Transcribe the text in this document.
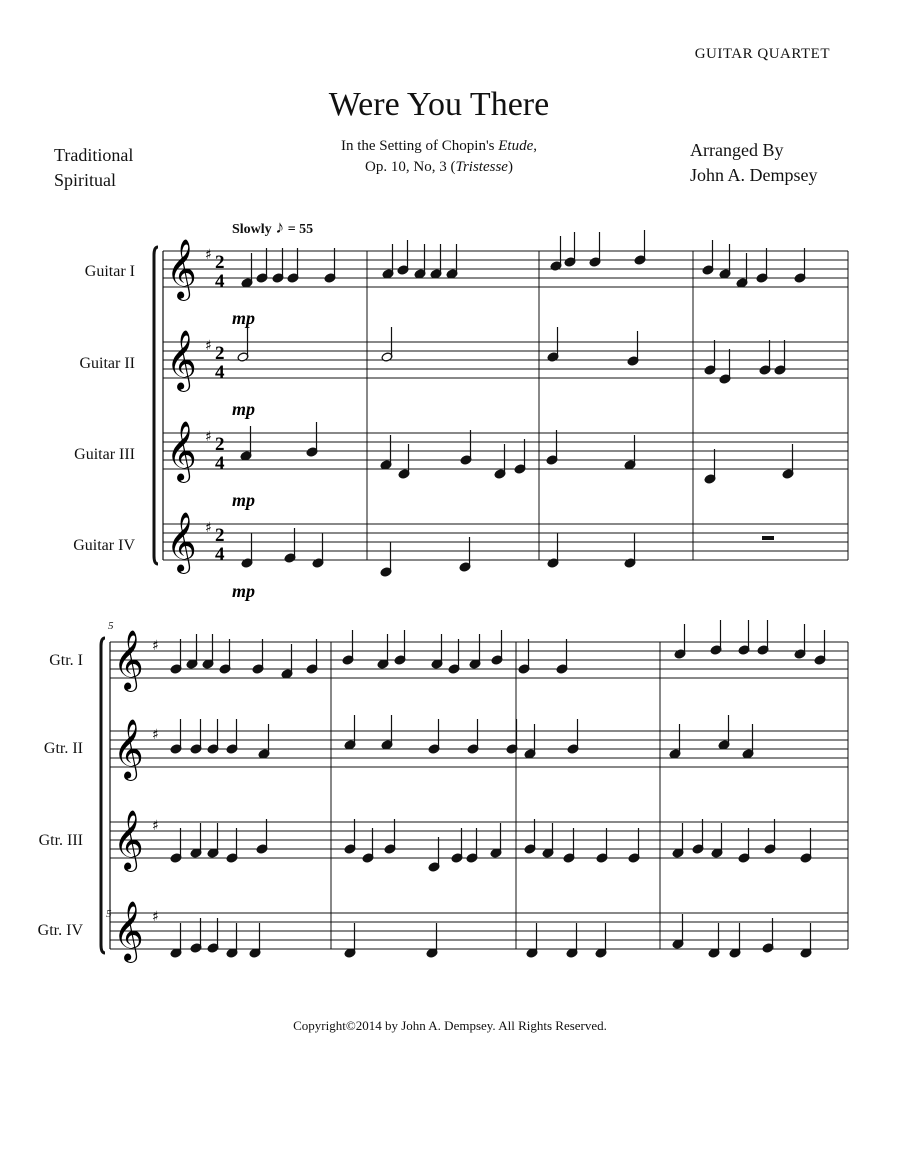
GUITAR QUARTET
Were You There
In the Setting of Chopin's Etude,
Op. 10, No, 3 (Tristesse)
Traditional
Spiritual
Arranged By
John A. Dempsey
Slowly ♪ = 55
Guitar I
Guitar II
Guitar III
Guitar IV
Gtr. I
Gtr. II
Gtr. III
Gtr. IV
5
5
Copyright©2014 by John A. Dempsey. All Rights Reserved.
𝄞 ♯ 2
4
mp
𝄞 ♯ 2
4
mp
𝄞 ♯ 2
4
mp
𝄞 ♯ 2
4
mp
𝄞 ♯
𝄞 ♯
𝄞 ♯
𝄞 ♯
